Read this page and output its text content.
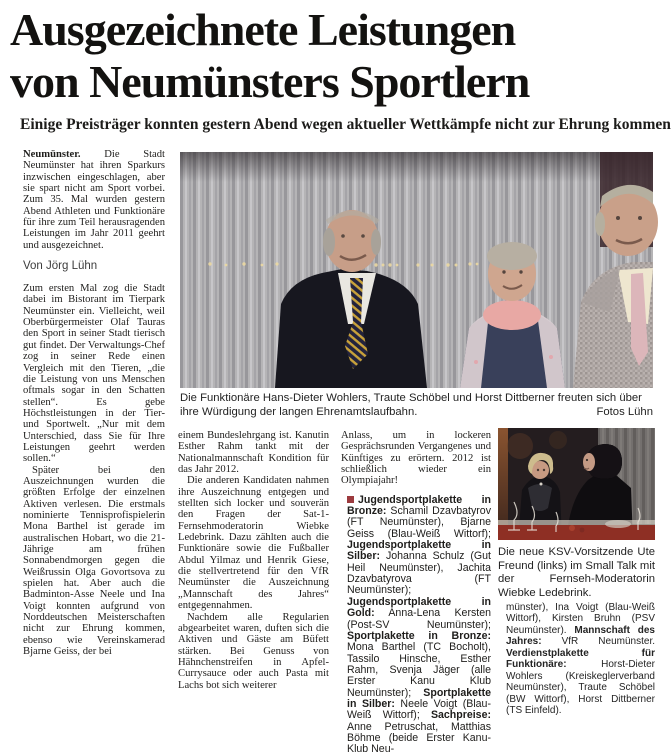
Ausgezeichnete Leistungen
von Neumünsters Sportlern
Einige Preisträger konnten gestern Abend wegen aktueller Wettkämpfe nicht zur Ehrung kommen

Neumünster. Die Stadt Neumünster hat ihren Sparkurs inzwischen eingeschlagen, aber sie spart nicht am Sport vorbei. Zum 35. Mal wurden gestern Abend Athleten und Funktionäre für ihre zum Teil herausragenden Leistungen im Jahr 2011 geehrt und ausgezeichnet.

Von Jörg Lühn

Zum ersten Mal zog die Stadt dabei im Bistorant im Tierpark Neumünster ein. Vielleicht, weil Oberbürgermeister Olaf Tauras den Sport in seiner Stadt tierisch gut findet. Der Verwaltungs-Chef zog in seiner Rede einen Vergleich mit den Tieren, „die die Leistung von uns Menschen oftmals sogar in den Schatten stellen“. Es gebe Höchstleistungen in der Tier- und Sportwelt. „Nur mit dem Unterschied, dass Sie für Ihre Leistungen geehrt werden sollen.“

Später bei den Auszeichnungen wurden die größten Erfolge der einzelnen Aktiven verlesen. Die erstmals nominierte Tennisprofispielerin Mona Barthel ist gerade im australischen Hobart, wo die 21-Jährige am frühen Sonnabendmorgen gegen die Weißrussin Olga Govortsova zu spielen hat. Aber auch die Badminton-Asse Neele und Ina Voigt konnten aufgrund von Norddeutschen Meisterschaften nicht zur Ehrung kommen, ebenso wie Vereinskamerad Bjarne Geiss, der bei

Die Funktionäre Hans-Dieter Wohlers, Traute Schöbel und Horst Dittberner freuten sich über ihre Würdigung der langen Ehrenamtslaufbahn.	Fotos Lühn

einem Bundeslehrgang ist. Kanutin Esther Rahm tankt mit der Nationalmannschaft Kondition für das Jahr 2012.

Die anderen Kandidaten nahmen ihre Auszeichnung entgegen und stellten sich locker und souverän den Fragen der Sat-1-Fernsehmoderatorin Wiebke Ledebrink. Dazu zählten auch die Funktionäre sowie die Fußballer Abdul Yilmaz und Henrik Giese, die stellvertretend für den VfR Neumünster die Auszeichnung „Mannschaft des Jahres“ entgegennahmen.

Nachdem alle Regularien abgearbeitet waren, duften sich die Aktiven und Gäste am Büfett stärken. Bei Genuss von Hähnchenstreifen in Apfel-Currysauce oder auch Pasta mit Lachs bot sich weiterer

Anlass, um in lockeren Gesprächsrunden Vergangenes und Künftiges zu erörtern. 2012 ist schließlich wieder ein Olympiajahr!

Jugendsportplakette in Bronze: Schamil Dzavbatyrov (FT Neumünster), Bjarne Geiss (Blau-Weiß Wittorf); Jugendsportplakette in Silber: Johanna Schulz (Gut Heil Neumünster), Jachita Dzavbatyrova (FT Neumünster); Jugendsportplakette in Gold: Anna-Lena Kersten (Post-SV Neumünster); Sportplakette in Bronze: Mona Barthel (TC Bocholt), Tassilo Hinsche, Esther Rahm, Svenja Jäger (alle Erster Kanu Klub Neumünster); Sportplakette in Silber: Neele Voigt (Blau-Weiß Wittorf); Sachpreise: Anne Petruschat, Matthias Böhme (beide Erster Kanu-Klub Neu-

Die neue KSV-Vorsitzende Ute Freund (links) im Small Talk mit der Fernseh-Moderatorin Wiebke Ledebrink.

münster), Ina Voigt (Blau-Weiß Wittorf), Kirsten Bruhn (PSV Neumünster). Mannschaft des Jahres: VfR Neumünster. Verdienstplakette für Funktionäre: Horst-Dieter Wohlers (Kreiskeglerverband Neumünster), Traute Schöbel (BW Wittorf), Horst Dittberner (TS Einfeld).
